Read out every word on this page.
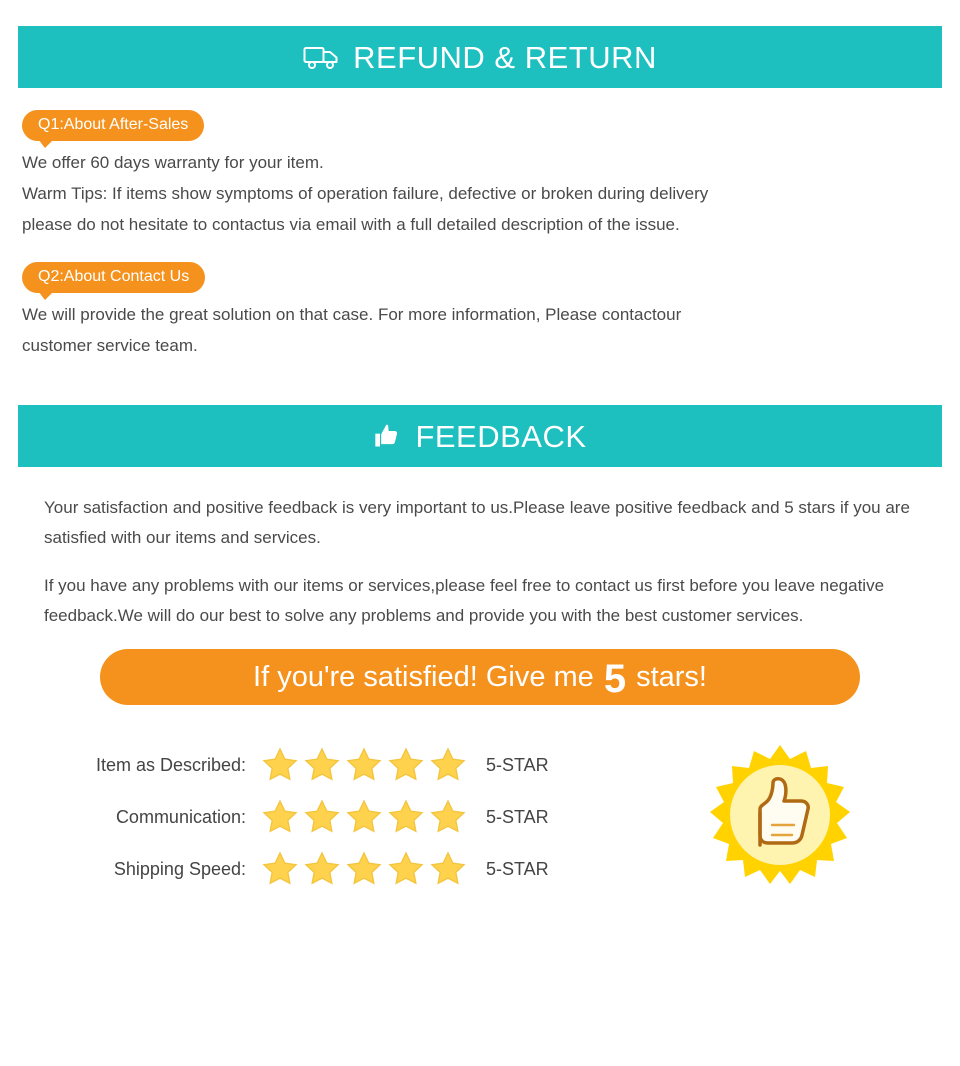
REFUND & RETURN
Q1:About After-Sales

We offer 60 days warranty for your item.

Warm Tips: If items show symptoms of operation failure, defective or broken during delivery

please do not hesitate to contactus via email with a full detailed description of the issue.

Q2:About Contact Us

We will provide the great solution on that case. For more information, Please contactour

customer service team.

FEEDBACK

Your satisfaction and positive feedback is very important to us.Please leave positive feedback and 5 stars if you are satisfied with our items and services.

If you have any problems with our items or services,please feel free to contact us first before you leave negative feedback.We will do our best to solve any problems and provide you with the best customer services.

If you're satisfied! Give me 5 stars!
Item as Described:	5-STAR
Communication:	5-STAR
Shipping Speed:	5-STAR
